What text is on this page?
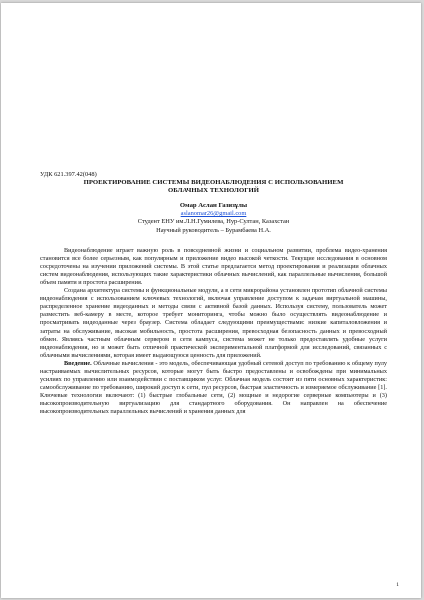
УДК 621.397.42(048)

ПРОЕКТИРОВАНИЕ СИСТЕМЫ ВИДЕОНАБЛЮДЕНИЯ С ИСПОЛЬЗОВАНИЕМ

ОБЛАЧНЫХ ТЕХНОЛОГИЙ

Омар Аслан Газизұлы

aslanomar26@gmail.com

Студент ЕНУ им.Л.Н.Гумилева, Нур-Султан, Казахстан

Научный руководитель – Бурамбаева Н.А.

Видеонаблюдение играет важную роль в повседневной жизни и социальном развитии, проблема видео-хранения становится все более серьезным, как популярным и приложение видео высокой четкости. Текущие исследования в основном сосредоточены на изучении приложений системы. В этой статье предлагается метод проектирования и реализации облачных систем видеонаблюдения, использующих такие характеристики облачных вычислений, как параллельные вычисления, большой объем памяти и простота расширения.

Создана архитектура системы и функциональные модули, а в сети микрорайона установлен прототип облачной системы видеонаблюдения с использованием ключевых технологий, включая управление доступом к задачам виртуальной машины, распределенное хранение видеоданных и методы связи с активной базой данных. Используя систему, пользователь может разместить веб-камеру в месте, которое требует мониторинга, чтобы можно было осуществлять видеонаблюдение и просматривать видеоданные через браузер. Система обладает следующими преимуществами: низкие капиталовложения и затраты на обслуживание, высокая мобильность, простота расширения, превосходная безопасность данных и превосходный обмен. Являясь частным облачным сервером в сети кампуса, система может не только предоставлять удобные услуги видеонаблюдения, но и может быть отличной практической экспериментальной платформой для исследований, связанных с облачными вычислениями, которая имеет выдающуюся ценность для приложений.

Введение. Облачные вычисления - это модель, обеспечивающая удобный сетевой доступ по требованию к общему пулу настраиваемых вычислительных ресурсов, которые могут быть быстро предоставлены и освобождены при минимальных усилиях по управлению или взаимодействии с поставщиком услуг. Облачная модель состоит из пяти основных характеристик: самообслуживание по требованию, широкий доступ к сети, пул ресурсов, быстрая эластичность и измеряемое обслуживание [1]. Ключевые технологии включают: (1) быстрые глобальные сети, (2) мощные и недорогие серверные компьютеры и (3) высокопроизводительную виртуализацию для стандартного оборудования. Он направлен на обеспечение высокопроизводительных параллельных вычислений и хранения данных для

1
